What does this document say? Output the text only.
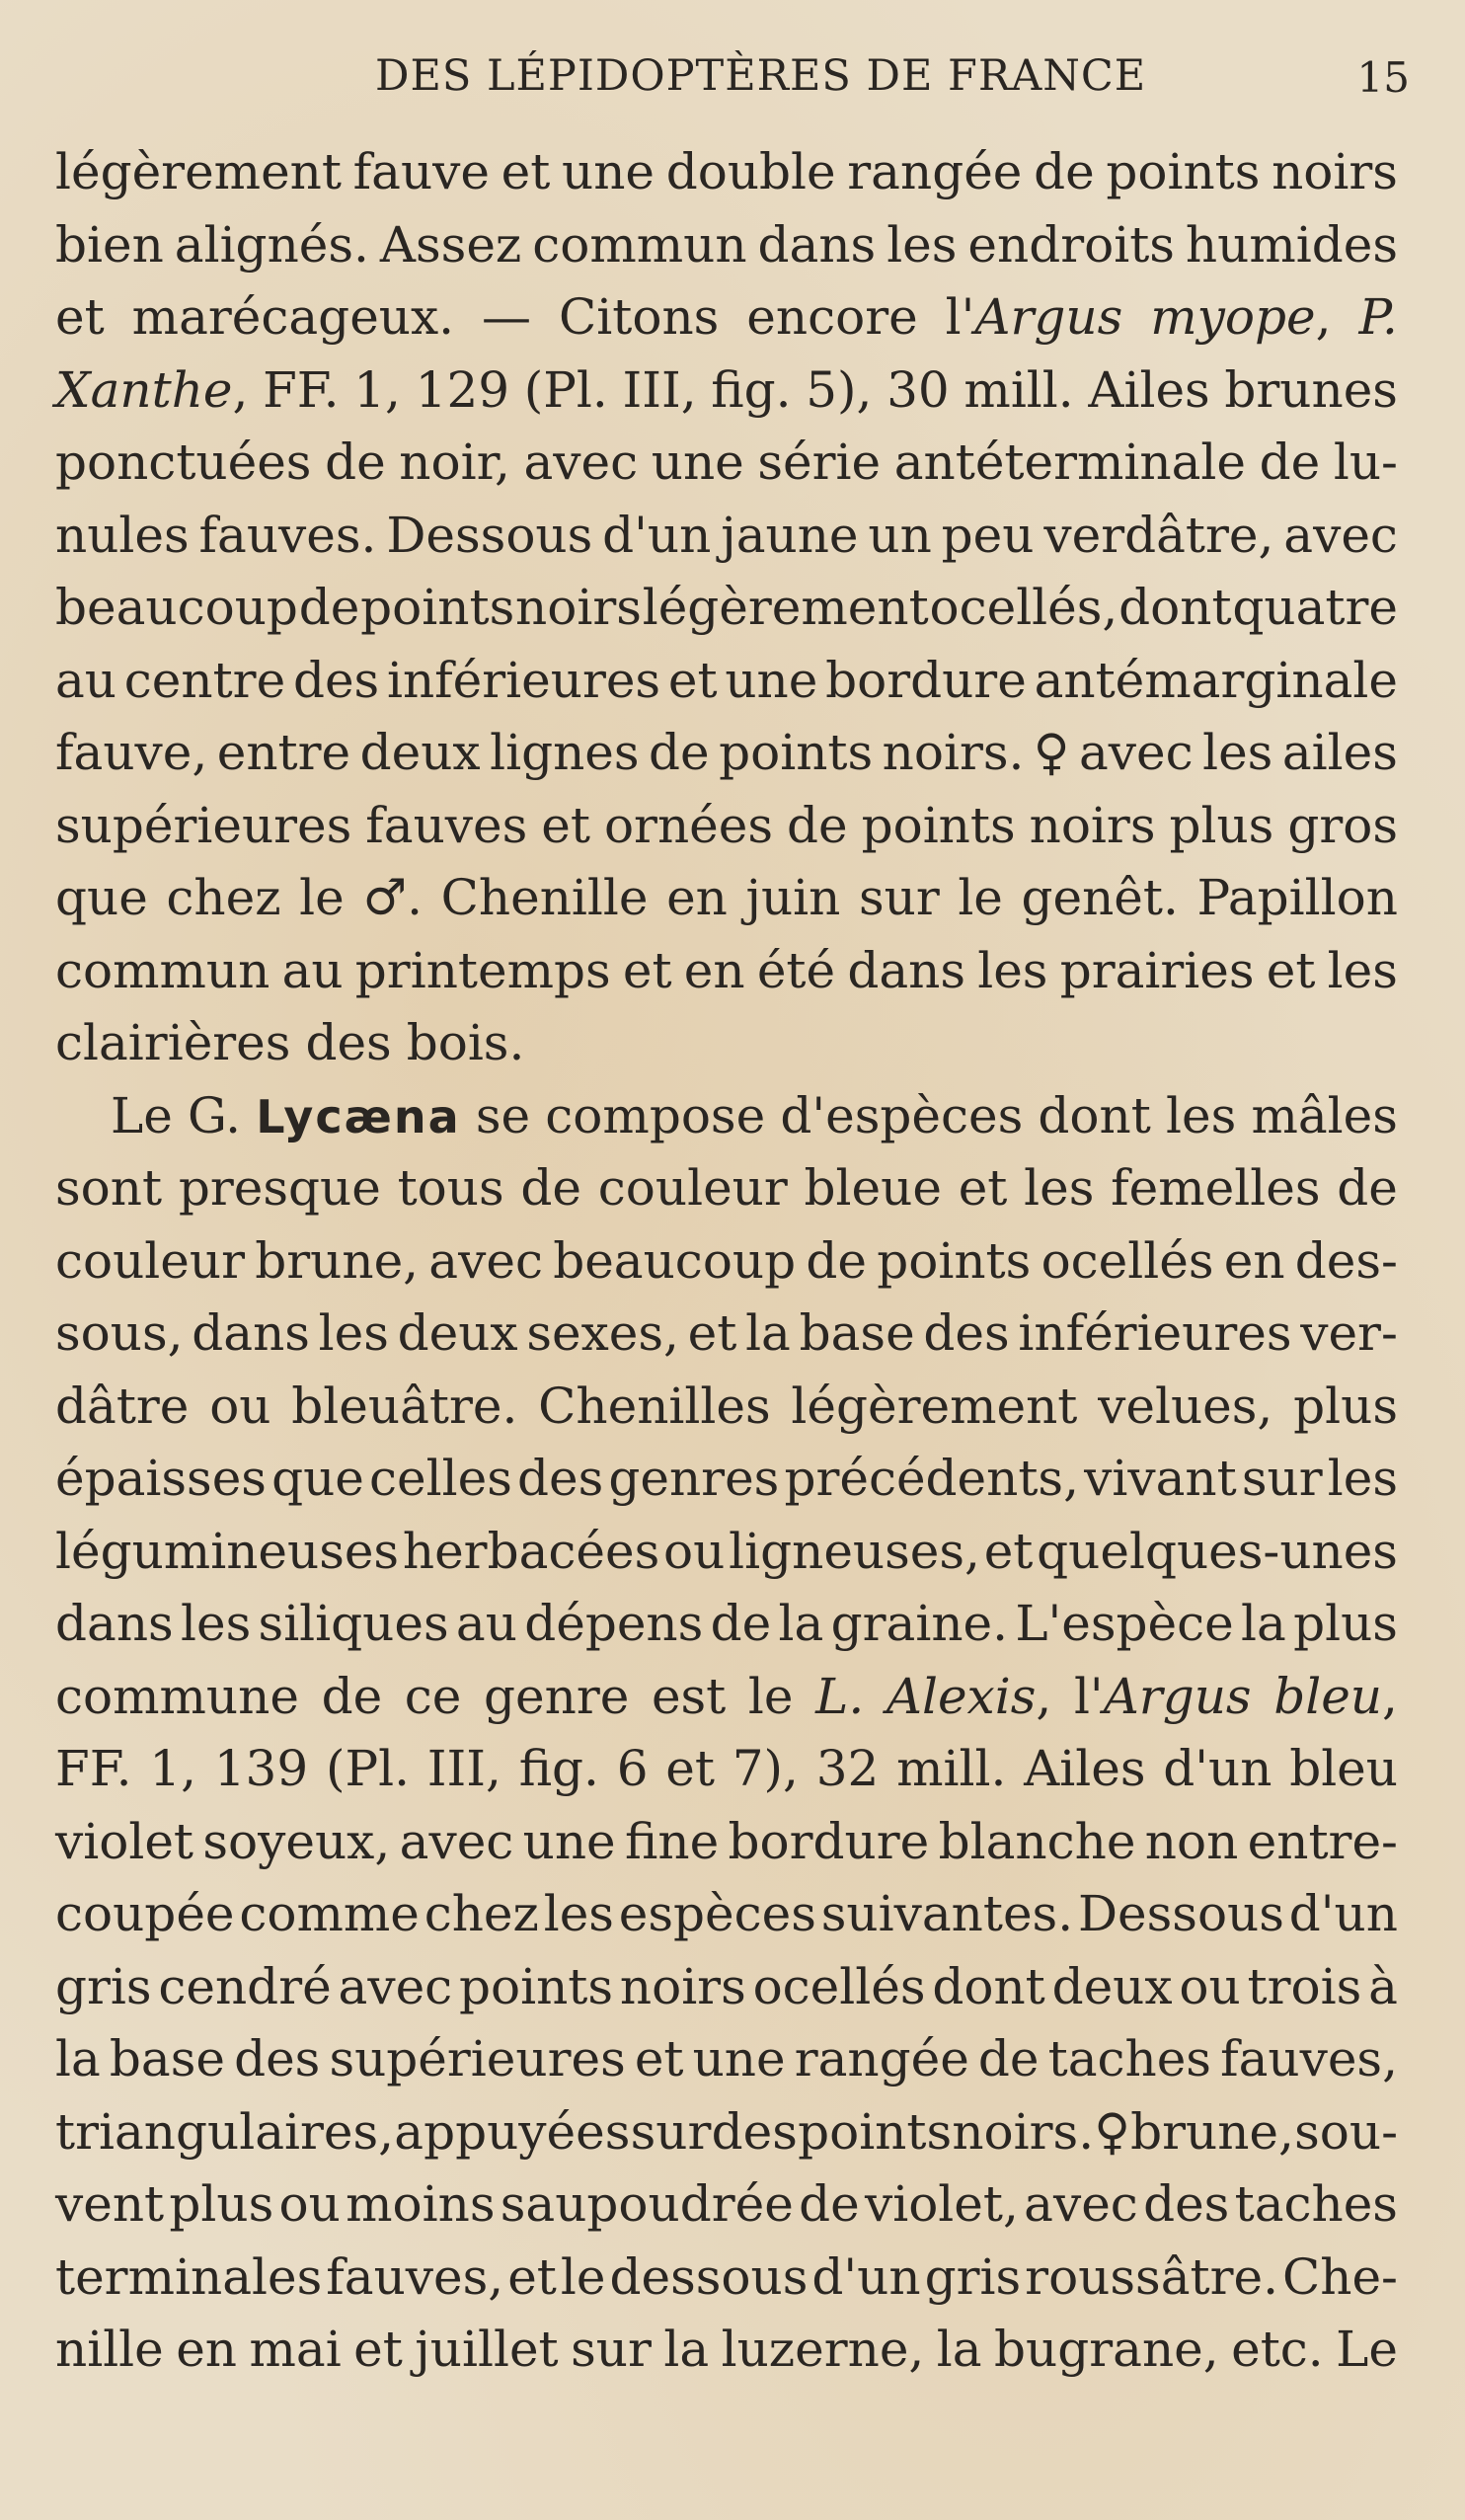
DES LÉPIDOPTÈRES DE FRANCE	15
légèrement fauve et une double rangée de points noirs
bien alignés. Assez commun dans les endroits humides
et marécageux. — Citons encore l'Argus myope, P.
Xanthe, FF. 1, 129 (Pl. III, fig. 5), 30 mill. Ailes brunes
ponctuées de noir, avec une série antéterminale de lu-
nules fauves. Dessous d'un jaune un peu verdâtre, avec
beaucoup de points noirs légèrement ocellés, dont quatre
au centre des inférieures et une bordure antémarginale
fauve, entre deux lignes de points noirs. ♀ avec les ailes
supérieures fauves et ornées de points noirs plus gros
que chez le ♂. Chenille en juin sur le genêt. Papillon
commun au printemps et en été dans les prairies et les
clairières des bois.
Le G. Lycæna se compose d'espèces dont les mâles
sont presque tous de couleur bleue et les femelles de
couleur brune, avec beaucoup de points ocellés en des-
sous, dans les deux sexes, et la base des inférieures ver-
dâtre ou bleuâtre. Chenilles légèrement velues, plus
épaisses que celles des genres précédents, vivant sur les
légumineuses herbacées ou ligneuses, et quelques-unes
dans les siliques au dépens de la graine. L'espèce la plus
commune de ce genre est le L. Alexis, l'Argus bleu,
FF. 1, 139 (Pl. III, fig. 6 et 7), 32 mill. Ailes d'un bleu
violet soyeux, avec une fine bordure blanche non entre-
coupée comme chez les espèces suivantes. Dessous d'un
gris cendré avec points noirs ocellés dont deux ou trois à
la base des supérieures et une rangée de taches fauves,
triangulaires, appuyées sur des points noirs. ♀ brune, sou-
vent plus ou moins saupoudrée de violet, avec des taches
terminales fauves, et le dessous d'un gris roussâtre. Che-
nille en mai et juillet sur la luzerne, la bugrane, etc. Le
